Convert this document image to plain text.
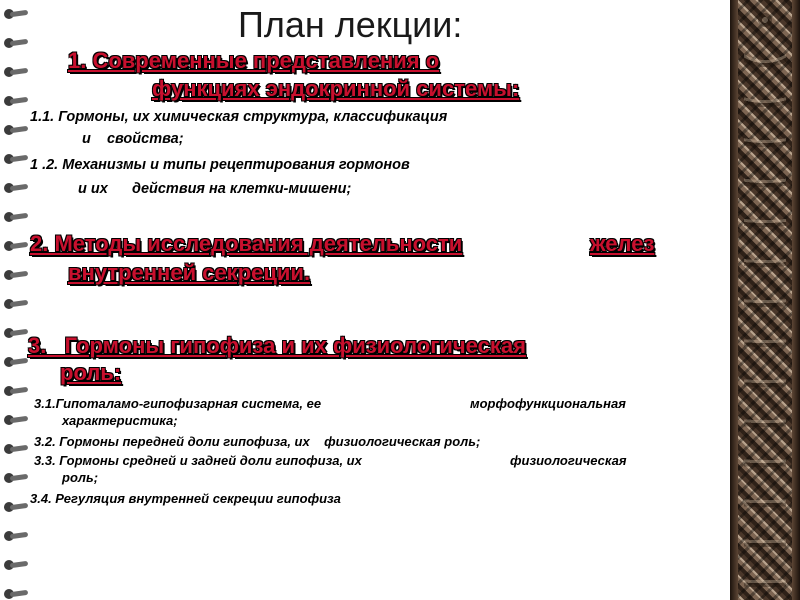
План лекции:
1. Современные представления о
функциях эндокринной системы:
1.1. Гормоны, их химическая структура, классификация
и    свойства;
1 .2. Механизмы и типы рецептирования гормонов
и их      действия на клетки-мишени;
2. Методы исследования деятельности	желез
внутренней секреции.
3.   Гормоны гипофиза и их физиологическая
роль:
3.1.Гипоталамо-гипофизарная система, ее	морфофункциональная
характеристика;
3.2. Гормоны передней доли гипофиза, их    физиологическая роль;
3.3. Гормоны средней и задней доли гипофиза, их	физиологическая
роль;
3.4. Регуляция внутренней секреции гипофиза
